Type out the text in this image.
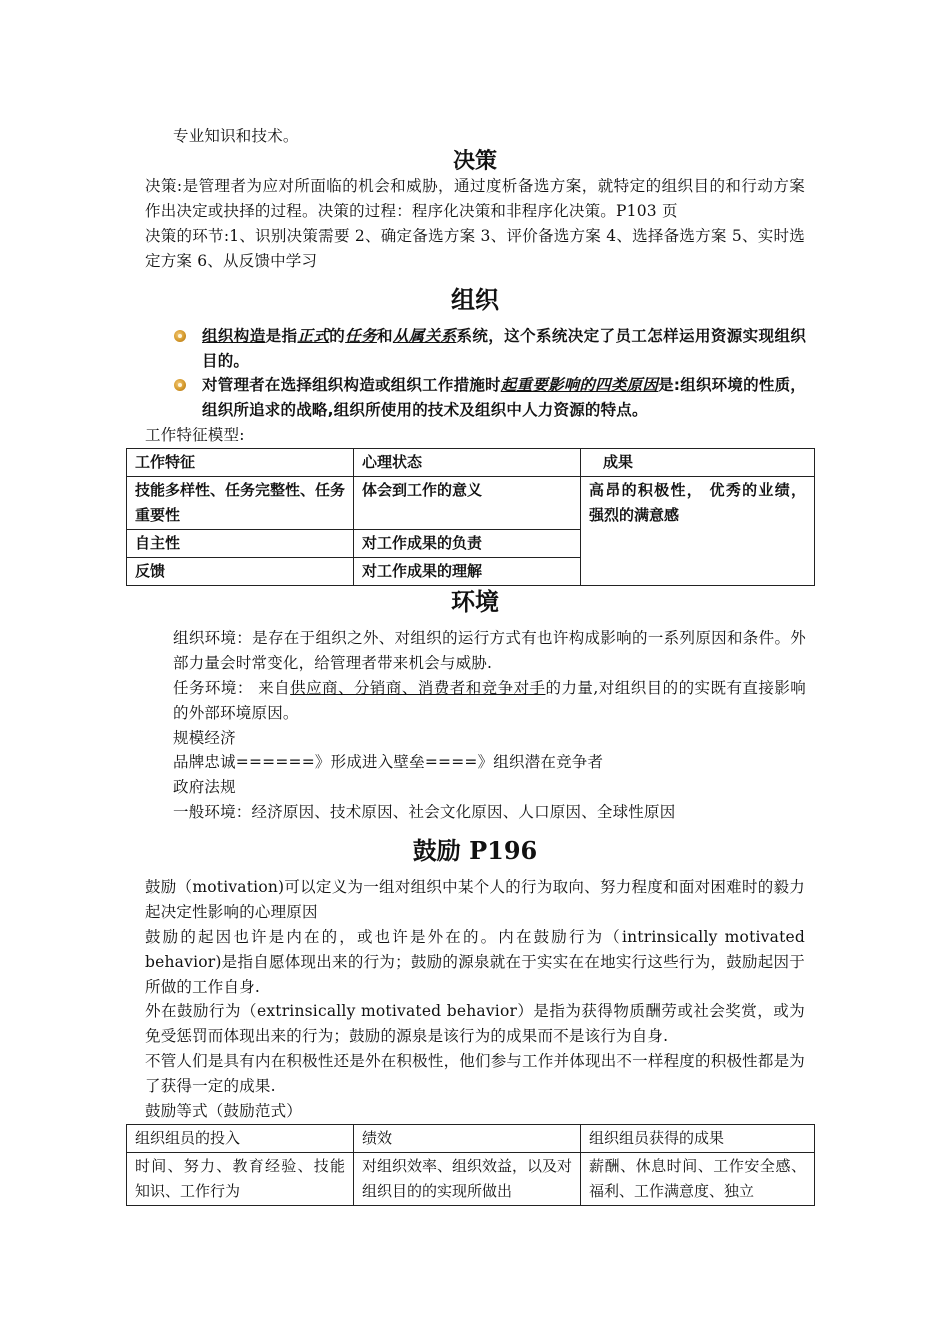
专业知识和技术。
决策
决策:是管理者为应对所面临的机会和威胁，通过度析备选方案，就特定的组织目的和行动方案作出决定或抉择的过程。决策的过程：程序化决策和非程序化决策。P103 页
决策的环节:1、识别决策需要 2、确定备选方案 3、评价备选方案 4、选择备选方案 5、实时选定方案 6、从反馈中学习
组织
组织构造是指正式的任务和从属关系系统，这个系统决定了员工怎样运用资源实现组织目的。
对管理者在选择组织构造或组织工作措施时起重要影响的四类原因是:组织环境的性质，组织所追求的战略,组织所使用的技术及组织中人力资源的特点。
工作特征模型:
工作特征	心理状态	成果
技能多样性、任务完整性、任务重要性	体会到工作的意义	高昂的积极性， 优秀的业绩， 强烈的满意感
自主性	对工作成果的负责	
反馈	对工作成果的理解	
环境
组织环境：是存在于组织之外、对组织的运行方式有也许构成影响的一系列原因和条件。外部力量会时常变化，给管理者带来机会与威胁.
任务环境： 来自供应商、分销商、消费者和竞争对手的力量,对组织目的的实既有直接影响的外部环境原因。
规模经济
品牌忠诚======》形成进入壁垒====》组织潜在竞争者
政府法规
一般环境：经济原因、技术原因、社会文化原因、人口原因、全球性原因
鼓励 P196
鼓励（motivation)可以定义为一组对组织中某个人的行为取向、努力程度和面对困难时的毅力起决定性影响的心理原因
鼓励的起因也许是内在的，或也许是外在的。内在鼓励行为（intrinsically motivated behavior)是指自愿体现出来的行为；鼓励的源泉就在于实实在在地实行这些行为，鼓励起因于所做的工作自身.
外在鼓励行为（extrinsically motivated behavior）是指为获得物质酬劳或社会奖赏，或为免受惩罚而体现出来的行为；鼓励的源泉是该行为的成果而不是该行为自身.
不管人们是具有内在积极性还是外在积极性，他们参与工作并体现出不一样程度的积极性都是为了获得一定的成果.
鼓励等式（鼓励范式）
组织组员的投入	绩效	组织组员获得的成果
时间、努力、教育经验、技能 知识、工作行为	对组织效率、组织效益，以及对组织目的的实现所做出	薪酬、休息时间、工作安全感、福利、工作满意度、独立
